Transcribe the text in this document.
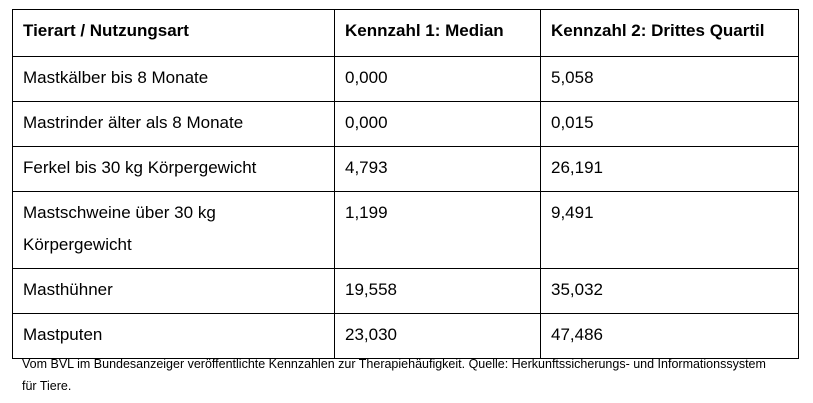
Tierart / Nutzungsart	Kennzahl 1: Median	Kennzahl 2: Drittes Quartil
Mastkälber bis 8 Monate	0,000	5,058
Mastrinder älter als 8 Monate	0,000	0,015
Ferkel bis 30 kg Körpergewicht	4,793	26,191
Mastschweine über 30 kg Körpergewicht	1,199	9,491
Masthühner	19,558	35,032
Mastputen	23,030	47,486
Vom BVL im Bundesanzeiger veröffentlichte Kennzahlen zur Therapiehäufigkeit. Quelle: Herkunftssicherungs- und Informationssystem für Tiere.
